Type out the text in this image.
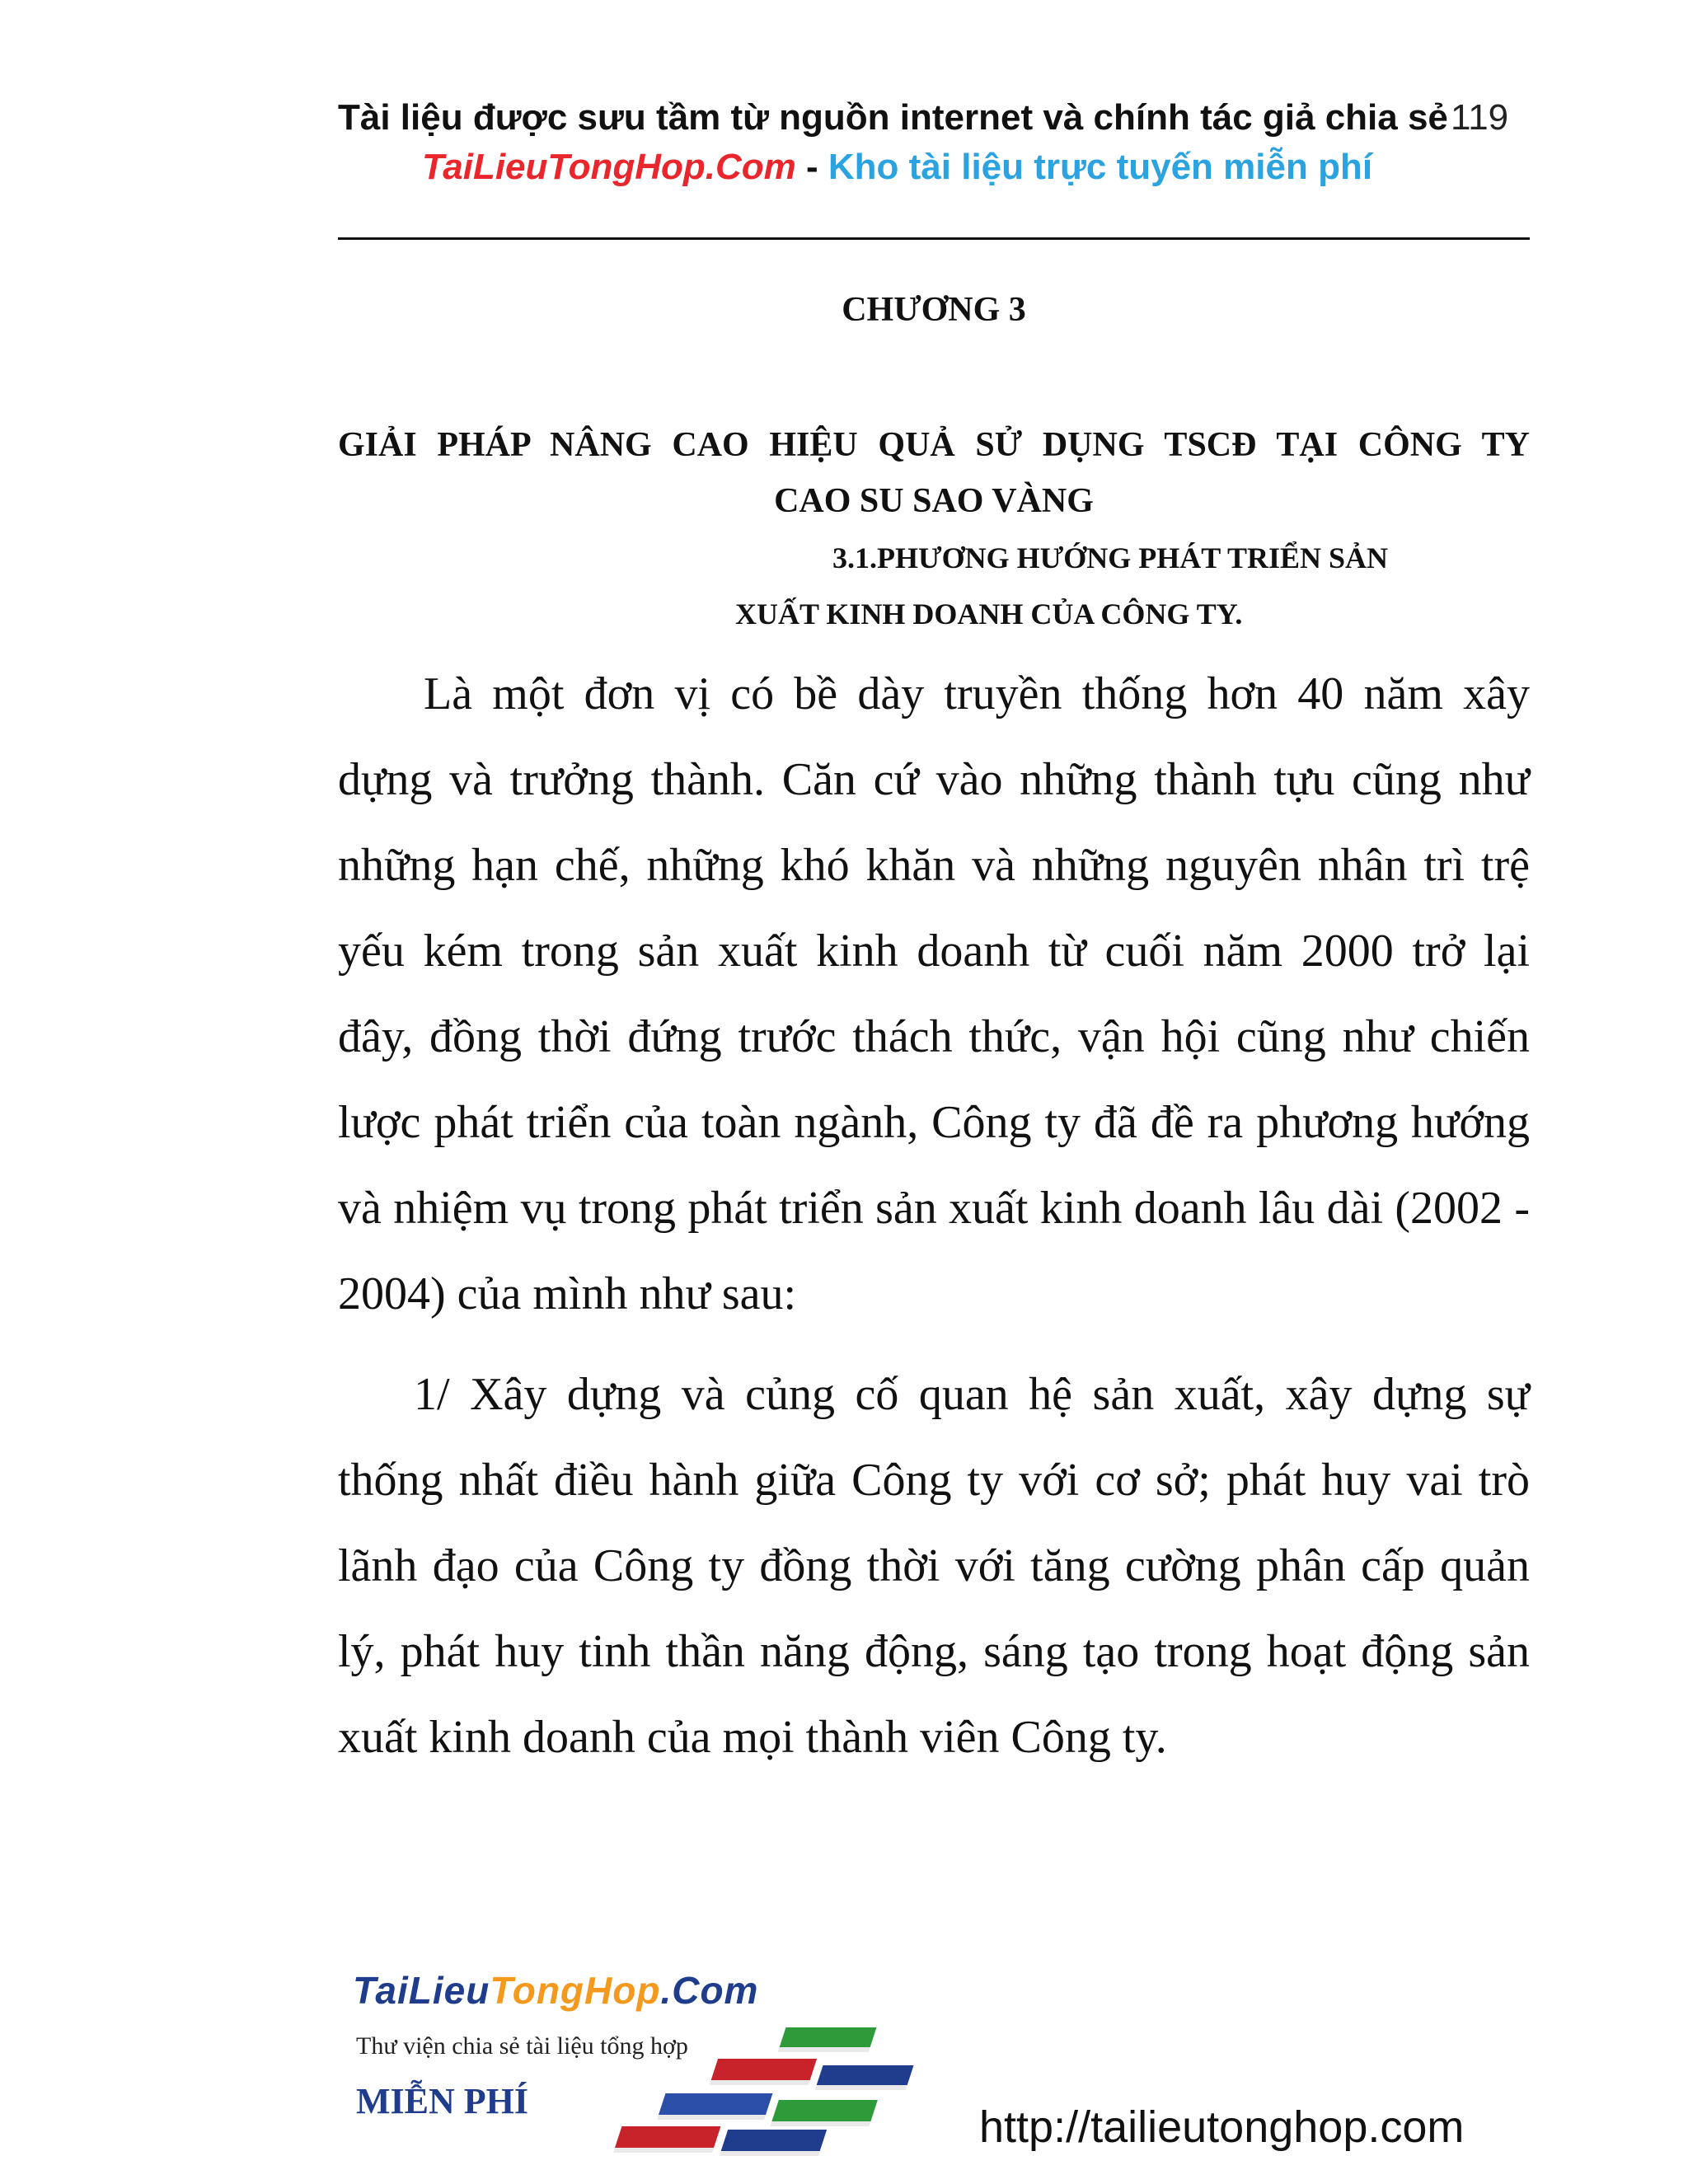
Tài liệu được sưu tầm từ nguồn internet và chính tác giả chia sẻ 119
TaiLieuTongHop.Com - Kho tài liệu trực tuyến miễn phí
CHƯƠNG 3
GIẢI PHÁP NÂNG CAO HIỆU QUẢ SỬ DỤNG TSCĐ TẠI CÔNG TY
CAO SU SAO VÀNG
3.1.PHƯƠNG HƯỚNG PHÁT TRIỂN SẢN
XUẤT KINH DOANH CỦA CÔNG TY.
Là một đơn vị có bề dày truyền thống hơn 40 năm xây dựng và trưởng thành. Căn cứ vào những thành tựu cũng như những hạn chế, những khó khăn và những nguyên nhân trì trệ yếu kém trong sản xuất kinh doanh từ cuối năm 2000 trở lại đây, đồng thời đứng trước thách thức, vận hội cũng như chiến lược phát triển của toàn ngành, Công ty đã đề ra phương hướng và nhiệm vụ trong phát triển sản xuất kinh doanh lâu dài (2002 - 2004) của mình như sau:
1/ Xây dựng và củng cố quan hệ sản xuất, xây dựng sự thống nhất điều hành giữa Công ty với cơ sở; phát huy vai trò lãnh đạo của Công ty đồng thời với tăng cường phân cấp quản lý, phát huy tinh thần năng động, sáng tạo trong hoạt động sản xuất kinh doanh của mọi thành viên Công ty.
TaiLieuTongHop.Com
Thư viện chia sẻ tài liệu tổng hợp
MIỄN PHÍ
http://tailieutonghop.com
